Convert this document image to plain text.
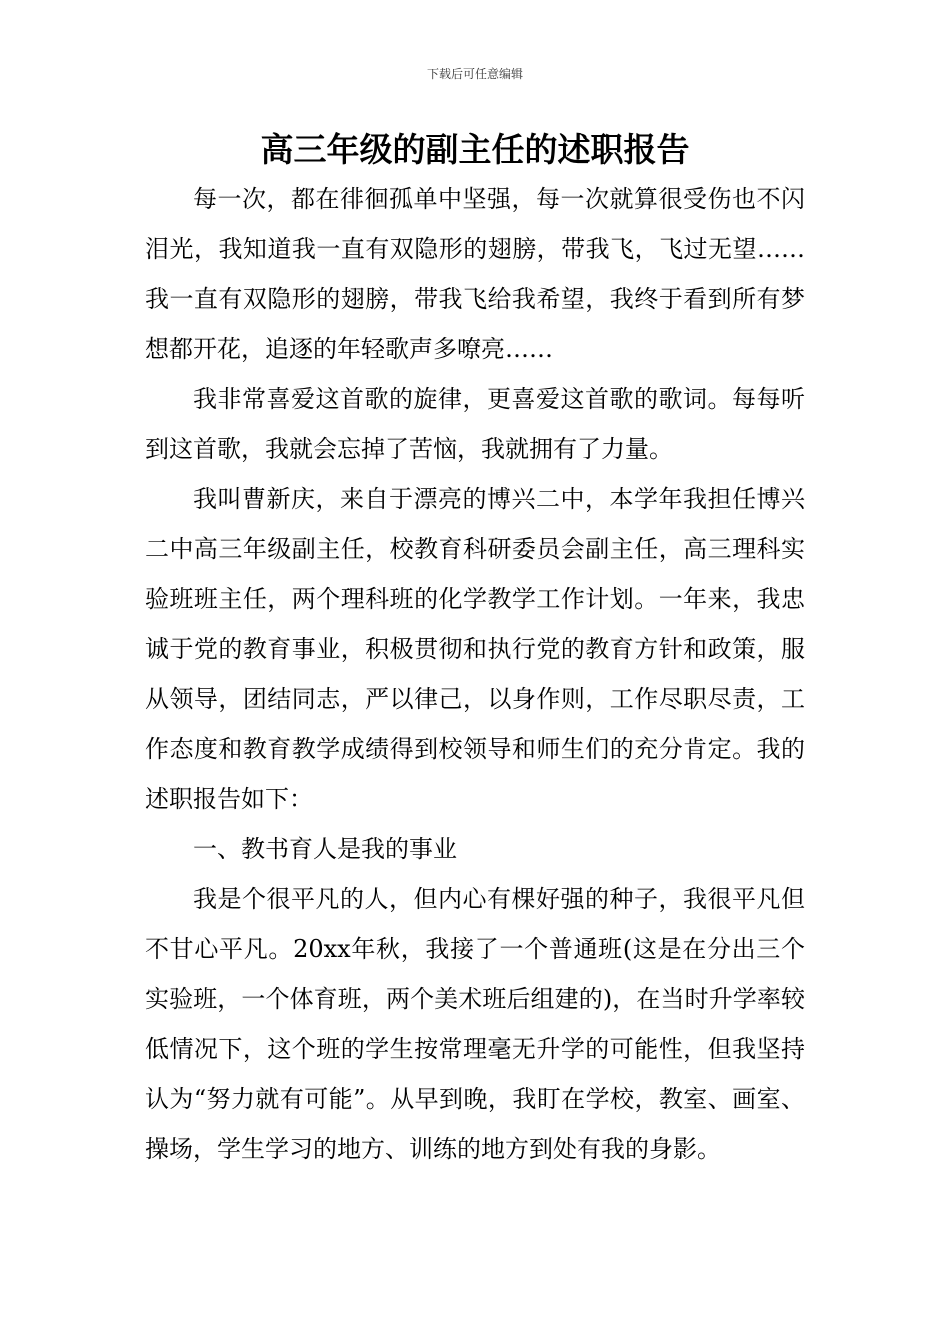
下载后可任意编辑
高三年级的副主任的述职报告

每一次，都在徘徊孤单中坚强，每一次就算很受伤也不闪泪光，我知道我一直有双隐形的翅膀，带我飞，飞过无望……我一直有双隐形的翅膀，带我飞给我希望，我终于看到所有梦想都开花，追逐的年轻歌声多嘹亮……

我非常喜爱这首歌的旋律，更喜爱这首歌的歌词。每每听到这首歌，我就会忘掉了苦恼，我就拥有了力量。

我叫曹新庆，来自于漂亮的博兴二中，本学年我担任博兴二中高三年级副主任，校教育科研委员会副主任，高三理科实验班班主任，两个理科班的化学教学工作计划。一年来，我忠诚于党的教育事业，积极贯彻和执行党的教育方针和政策，服从领导，团结同志，严以律己，以身作则，工作尽职尽责，工作态度和教育教学成绩得到校领导和师生们的充分肯定。我的述职报告如下：

一、教书育人是我的事业

我是个很平凡的人，但内心有棵好强的种子，我很平凡但不甘心平凡。20xx年秋，我接了一个普通班(这是在分出三个实验班，一个体育班，两个美术班后组建的)，在当时升学率较低情况下，这个班的学生按常理毫无升学的可能性，但我坚持认为“努力就有可能”。从早到晚，我盯在学校，教室、画室、操场，学生学习的地方、训练的地方到处有我的身影。
